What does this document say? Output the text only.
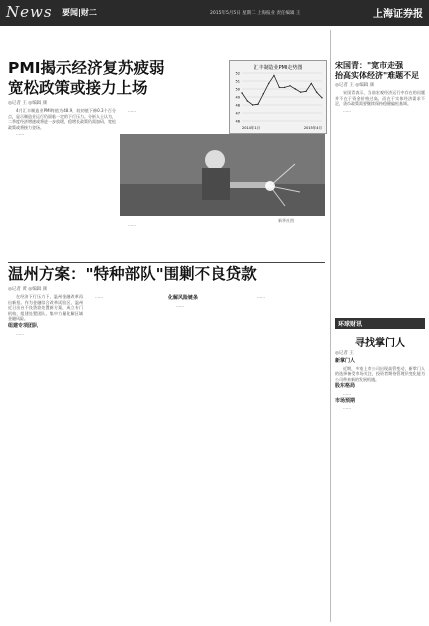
News 要闻|财二	2015年5月5日 星期二 上海报业 责任编辑 王	上海证券报
PMI揭示经济复苏疲弱
宽松政策或接力上场
◎记者 王 ◎编辑 颜
汇丰制造业PMI走势图
52
51
50
49
48
47
46
2014年1月	2015年4月

4月汇丰制造业PMI终值为48.9，较初值下修0.3个百分点，显示制造业运行仍面临一定的下行压力。分析人士认为，二季度经济增速或将进一步放缓，稳增长政策仍需加码，宽松政策或将接力登场。

……

……

新华社图

……

温州方案："特种部队"围剿不良贷款
◎记者 黄 ◎编辑 颜

在经济下行压力下，温州金融改革再出新招。作为金融综合改革试验区，温州近日出台不良贷款处置新方案，成立专门机构，组建处置团队，集中力量化解区域金融风险。

组建专项团队

……

……	化解风险链条

……

……

宋国青："宽市走强
抬高实体经济"难题不足
◎记者 王 ◎编辑 颜

宋国青表示，当前宏观经济运行中存在的问题并不在于资金价格过高，而在于实体经济需求不足，货币政策需要继续保持稳健偏松基调。

……

环球财讯
寻找掌门人
◎记者 王
新掌门人

近期，多家上市公司出现高管变动，新掌门人的选择备受市场关注，投资者期待管理层变化能为公司带来新的发展机遇。

股东格局

……

市场预期

……
